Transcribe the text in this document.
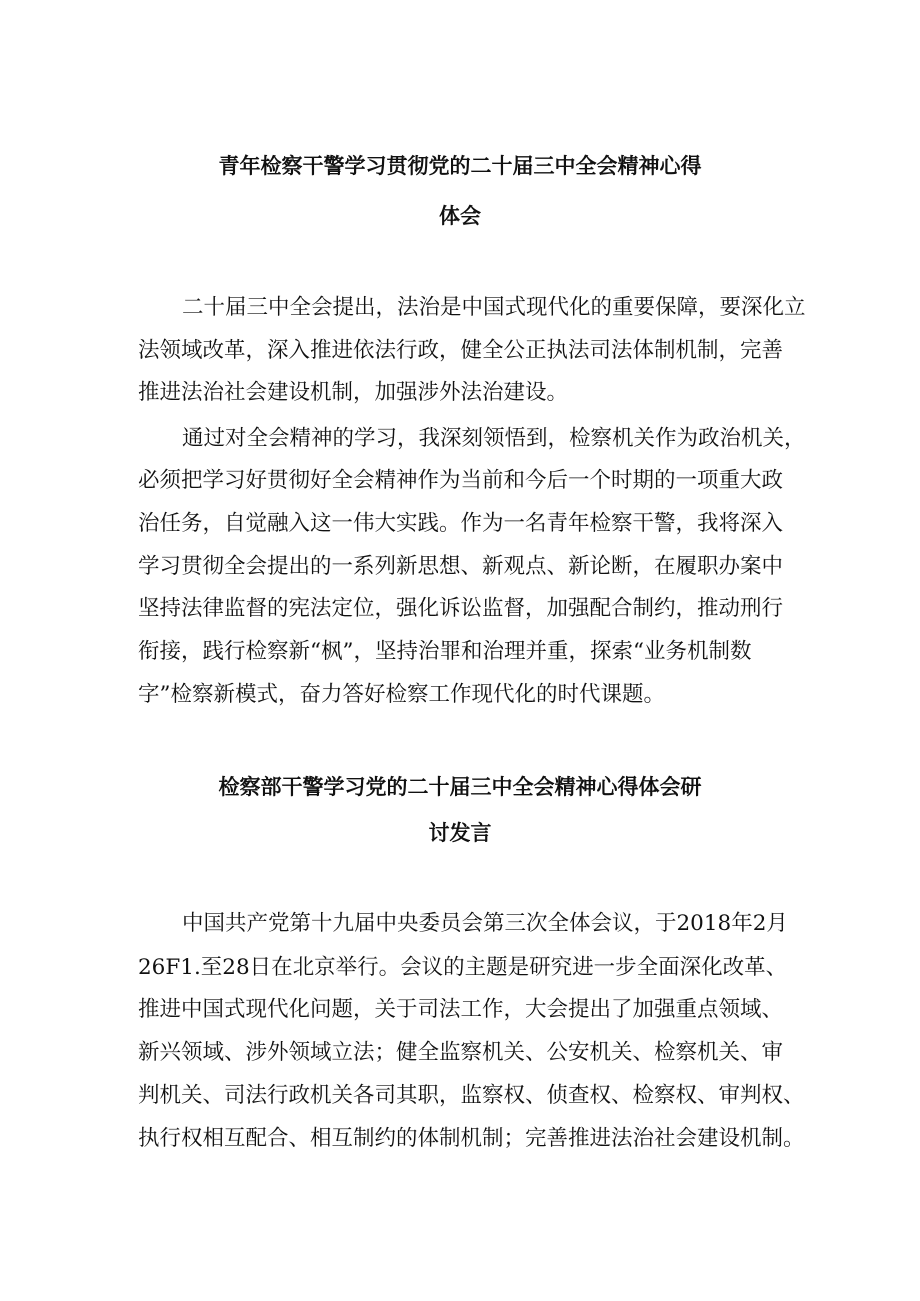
青年检察干警学习贯彻党的二十届三中全会精神心得
体会
二十届三中全会提出，法治是中国式现代化的重要保障，要深化立
法领域改革，深入推进依法行政，健全公正执法司法体制机制，完善
推进法治社会建设机制，加强涉外法治建设。
通过对全会精神的学习，我深刻领悟到，检察机关作为政治机关，
必须把学习好贯彻好全会精神作为当前和今后一个时期的一项重大政
治任务，自觉融入这一伟大实践。作为一名青年检察干警，我将深入
学习贯彻全会提出的一系列新思想、新观点、新论断，在履职办案中
坚持法律监督的宪法定位，强化诉讼监督，加强配合制约，推动刑行
衔接，践行检察新“枫”，坚持治罪和治理并重，探索“业务机制数
字”检察新模式，奋力答好检察工作现代化的时代课题。
检察部干警学习党的二十届三中全会精神心得体会研
讨发言
中国共产党第十九届中央委员会第三次全体会议，于2018年2月
26F1.至28日在北京举行。会议的主题是研究进一步全面深化改革、
推进中国式现代化问题，关于司法工作，大会提出了加强重点领域、
新兴领域、涉外领域立法；健全监察机关、公安机关、检察机关、审
判机关、司法行政机关各司其职，监察权、侦查权、检察权、审判权、
执行权相互配合、相互制约的体制机制；完善推进法治社会建设机制。
